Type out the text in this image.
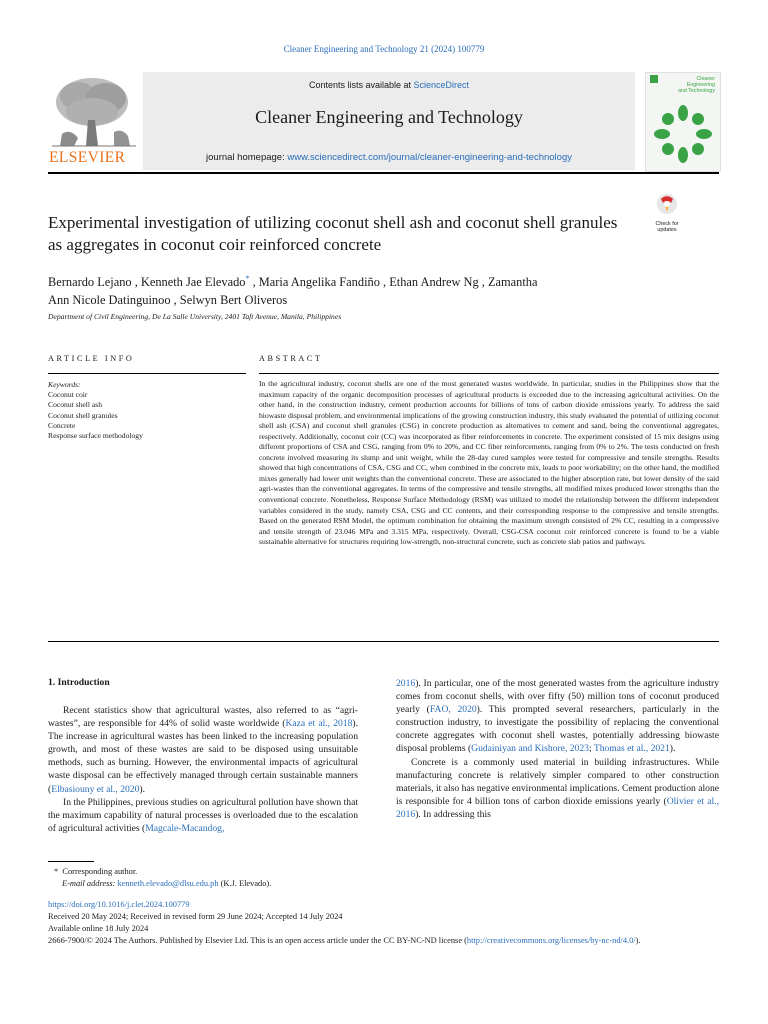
Cleaner Engineering and Technology 21 (2024) 100779
ELSEVIER
Contents lists available at ScienceDirect
Cleaner Engineering and Technology
journal homepage: www.sciencedirect.com/journal/cleaner-engineering-and-technology
Cleaner
Engineering
and Technology
Experimental investigation of utilizing coconut shell ash and coconut shell granules as aggregates in coconut coir reinforced concrete
Check for
updates
Bernardo Lejano , Kenneth Jae Elevado* , Maria Angelika Fandiño , Ethan Andrew Ng , Zamantha
Ann Nicole Datinguinoo , Selwyn Bert Oliveros
Department of Civil Engineering, De La Salle University, 2401 Taft Avenue, Manila, Philippines
ARTICLE INFO	ABSTRACT
Keywords:
Coconut coir
Coconut shell ash
Coconut shell granules
Concrete
Response surface methodology
In the agricultural industry, coconut shells are one of the most generated wastes worldwide. In particular, studies in the Philippines show that the maximum capacity of the organic decomposition processes of agricultural products is exceeded due to the increasing agricultural activities. On the other hand, in the construction industry, cement production accounts for billions of tons of carbon dioxide emissions yearly. To address the said biowaste disposal problem, and environmental implications of the growing construction industry, this study evaluated the potential of utilizing coconut shell ash (CSA) and coconut shell granules (CSG) in concrete production as alternatives to cement and sand, being the conventional aggregates, respectively. Additionally, coconut coir (CC) was incorporated as fiber reinforcements in concrete. The experiment consisted of 15 mix designs using different proportions of CSA and CSG, ranging from 0% to 20%, and CC fiber reinforcements, ranging from 0% to 2%. The tests conducted on fresh concrete involved measuring its slump and unit weight, while the 28-day cured samples were tested for compressive and tensile strengths. Results showed that high concentrations of CSA, CSG and CC, when combined in the concrete mix, leads to poor workability; on the other hand, the modified mixes generally had lower unit weights than the conventional concrete. These are associated to the higher absorption rate, but lower density of the said agri-wastes than the conventional aggregates. In terms of the compressive and tensile strengths, all modified mixes produced lower strengths than the conventional concrete. Nonetheless, Response Surface Methodology (RSM) was utilized to model the relationship between the different independent variables considered in the study, namely CSA, CSG and CC contents, and their corresponding response to the compressive and tensile strengths. Based on the generated RSM Model, the optimum combination for obtaining the maximum strength consisted of 2% CC, resulting in a compressive and tensile strength of 23.046 MPa and 3.315 MPa, respectively. Overall, CSG-CSA coconut coir reinforced concrete is found to be a viable sustainable alternative for structures requiring low-strength, non-structural concrete, such as concrete slab patios and pathways.
1. Introduction

Recent statistics show that agricultural wastes, also referred to as “agri-wastes”, are responsible for 44% of solid waste worldwide (Kaza et al., 2018). The increase in agricultural wastes has been linked to the increasing population growth, and most of these wastes are said to be disposed using unsuitable methods, such as burning. However, the environmental impacts of agricultural waste disposal can be effectively managed through certain sustainable manners (Elbasiouny et al., 2020).

In the Philippines, previous studies on agricultural pollution have shown that the maximum capability of natural processes is overloaded due to the escalation of agricultural activities (Magcale-Macandog,

2016). In particular, one of the most generated wastes from the agriculture industry comes from coconut shells, with over fifty (50) million tons of coconut produced yearly (FAO, 2020). This prompted several researchers, particularly in the construction industry, to investigate the possibility of replacing the conventional concrete aggregates with coconut shell wastes, potentially addressing biowaste disposal problems (Gudainiyan and Kishore, 2023; Thomas et al., 2021).

Concrete is a commonly used material in building infrastructures. While manufacturing concrete is relatively simpler compared to other construction materials, it also has negative environmental implications. Cement production alone is responsible for 4 billion tons of carbon dioxide emissions yearly (Olivier et al., 2016). In addressing this

* Corresponding author.
E-mail address: kenneth.elevado@dlsu.edu.ph (K.J. Elevado).
https://doi.org/10.1016/j.clet.2024.100779
Received 20 May 2024; Received in revised form 29 June 2024; Accepted 14 July 2024
Available online 18 July 2024
2666-7900/© 2024 The Authors. Published by Elsevier Ltd. This is an open access article under the CC BY-NC-ND license (http://creativecommons.org/licenses/by-nc-nd/4.0/).
